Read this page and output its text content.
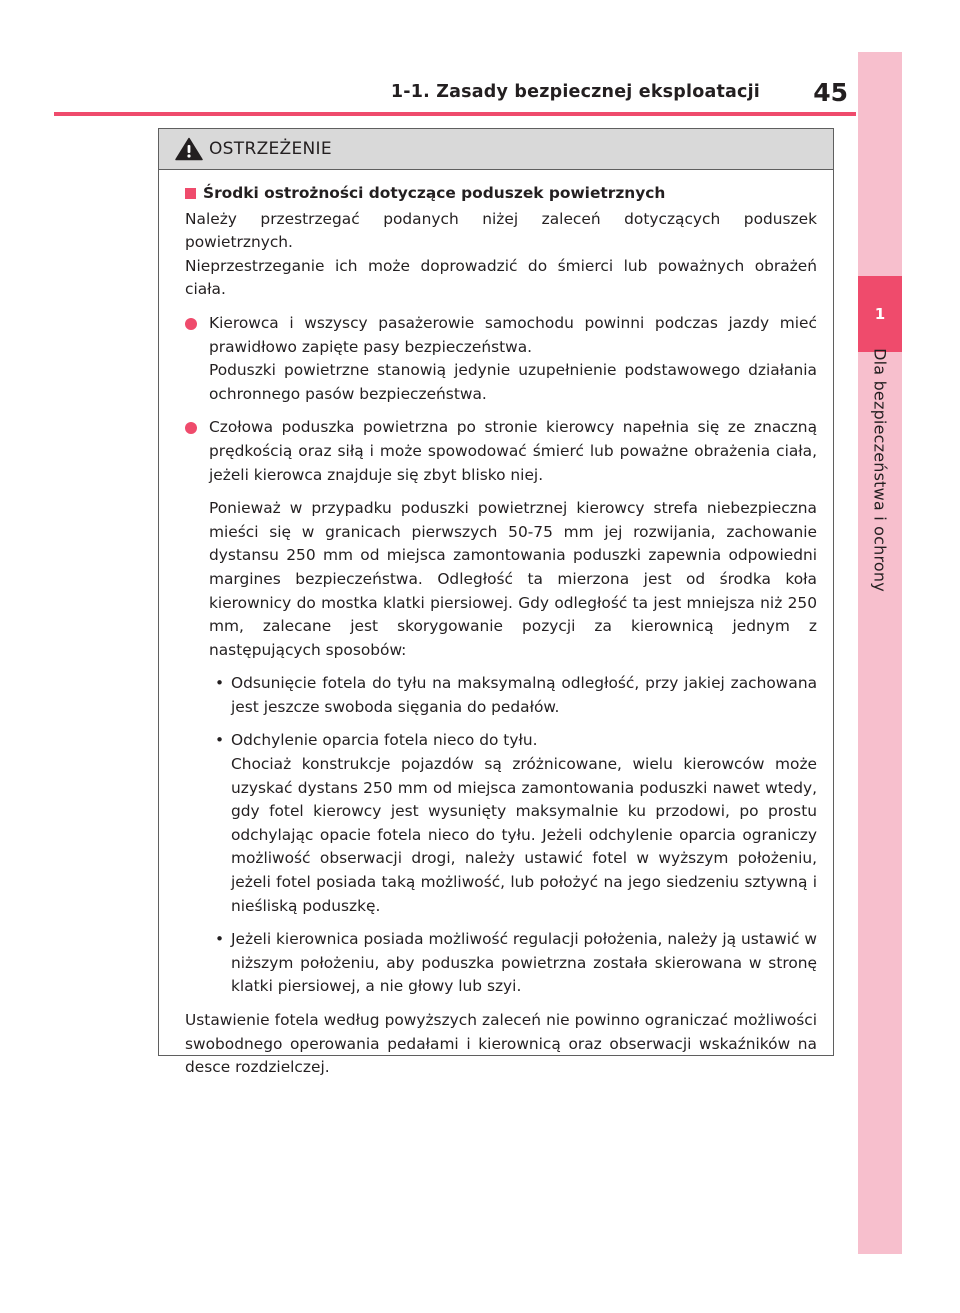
1-1. Zasady bezpiecznej eksploatacji	45
1
Dla bezpieczeństwa i ochrony
OSTRZEŻENIE
Środki ostrożności dotyczące poduszek powietrznych

Należy przestrzegać podanych niżej zaleceń dotyczących poduszek powietrznych.

Nieprzestrzeganie ich może doprowadzić do śmierci lub poważnych obrażeń ciała.

Kierowca i wszyscy pasażerowie samochodu powinni podczas jazdy mieć prawidłowo zapięte pasy bezpieczeństwa.

Poduszki powietrzne stanowią jedynie uzupełnienie podstawowego działania ochronnego pasów bezpieczeństwa.

Czołowa poduszka powietrzna po stronie kierowcy napełnia się ze znaczną prędkością oraz siłą i może spowodować śmierć lub poważne obrażenia ciała, jeżeli kierowca znajduje się zbyt blisko niej.

Ponieważ w przypadku poduszki powietrznej kierowcy strefa niebezpieczna mieści się w granicach pierwszych 50-75 mm jej rozwijania, zachowanie dystansu 250 mm od miejsca zamontowania poduszki zapewnia odpowiedni margines bezpieczeństwa. Odległość ta mierzona jest od środka koła kierownicy do mostka klatki piersiowej. Gdy odległość ta jest mniejsza niż 250 mm, zalecane jest skorygowanie pozycji za kierownicą jednym z następujących sposobów:

• Odsunięcie fotela do tyłu na maksymalną odległość, przy jakiej zachowana jest jeszcze swoboda sięgania do pedałów.

• Odchylenie oparcia fotela nieco do tyłu.

Chociaż konstrukcje pojazdów są zróżnicowane, wielu kierowców może uzyskać dystans 250 mm od miejsca zamontowania poduszki nawet wtedy, gdy fotel kierowcy jest wysunięty maksymalnie ku przodowi, po prostu odchylając opacie fotela nieco do tyłu. Jeżeli odchylenie oparcia ograniczy możliwość obserwacji drogi, należy ustawić fotel w wyższym położeniu, jeżeli fotel posiada taką możliwość, lub położyć na jego siedzeniu sztywną i nieśliską poduszkę.

• Jeżeli kierownica posiada możliwość regulacji położenia, należy ją ustawić w niższym położeniu, aby poduszka powietrzna została skierowana w stronę klatki piersiowej, a nie głowy lub szyi.

Ustawienie fotela według powyższych zaleceń nie powinno ograniczać możliwości swobodnego operowania pedałami i kierownicą oraz obserwacji wskaźników na desce rozdzielczej.
